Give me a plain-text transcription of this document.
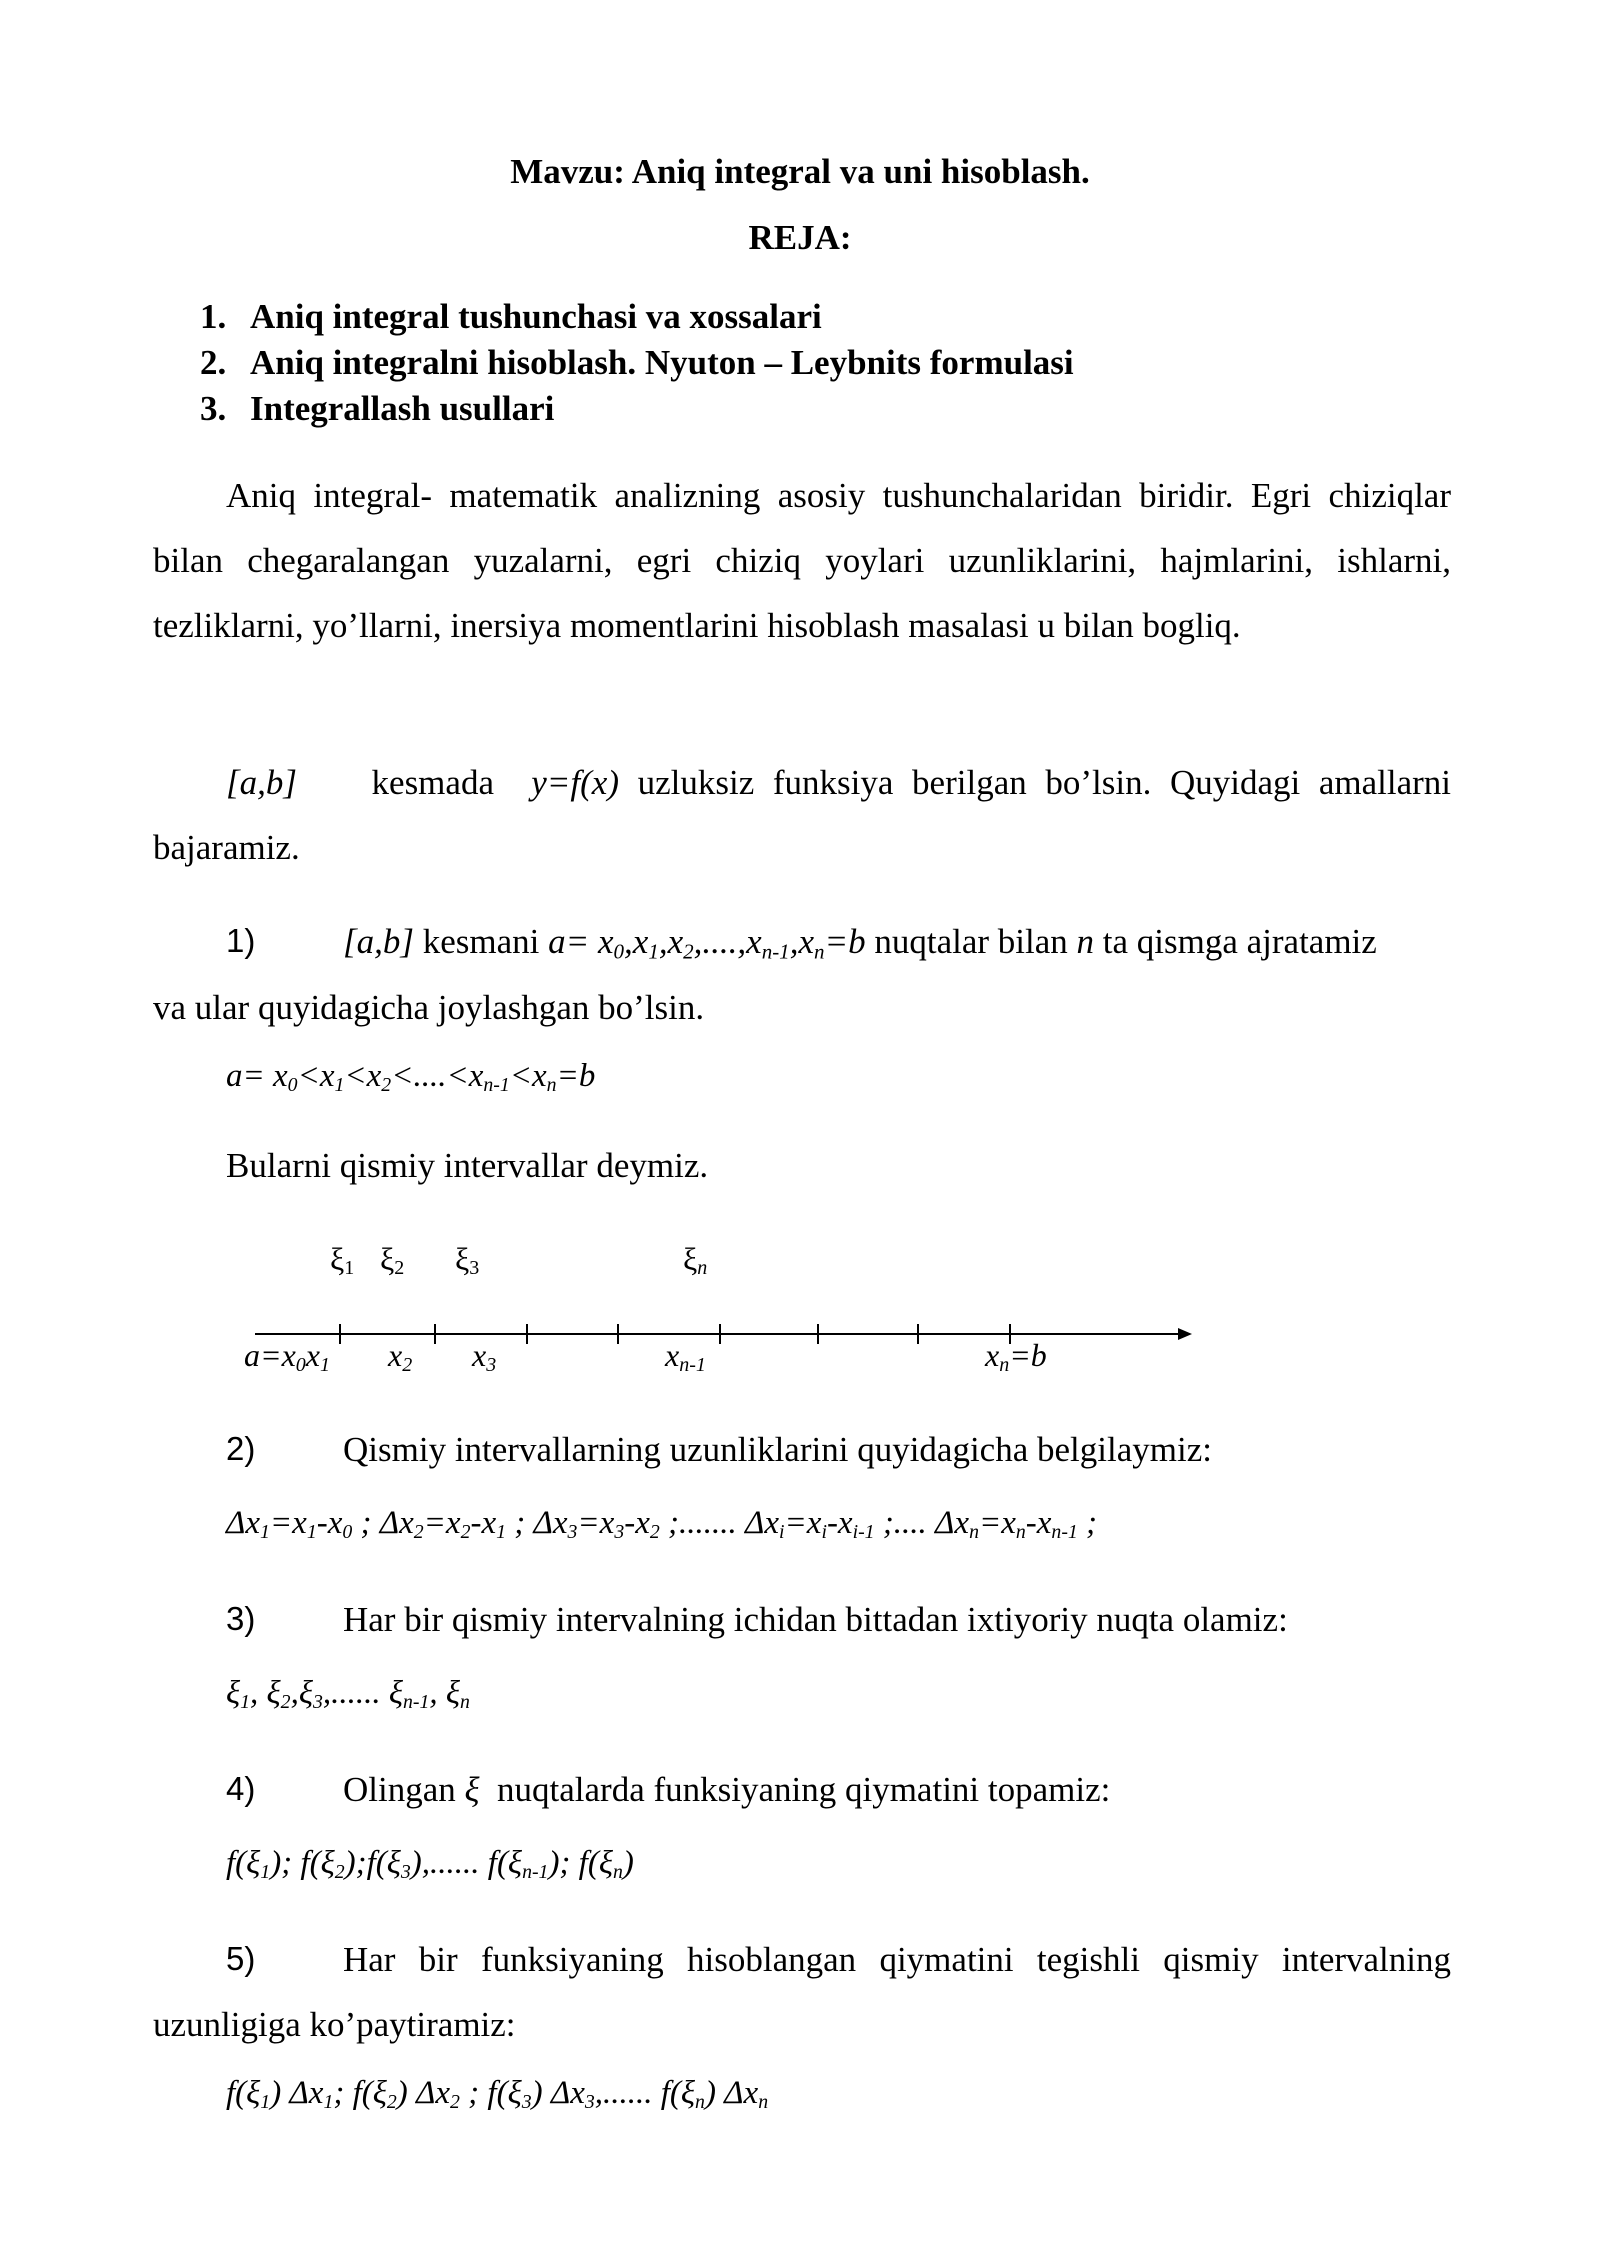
Mavzu: Aniq integral va uni hisoblash.
REJA:
1. Aniq integral tushunchasi va xossalari
2. Aniq integralni hisoblash. Nyuton – Leybnits formulasi
3. Integrallash usullari
Aniq integral- matematik analizning asosiy tushunchalaridan biridir. Egri chiziqlar bilan chegaralangan yuzalarni, egri chiziq yoylari uzunliklarini, hajmlarini, ishlarni, tezliklarni, yo’llarni, inersiya momentlarini hisoblash masalasi u bilan bogliq.
[a,b] kesmada y=f(x) uzluksiz funksiya berilgan bo’lsin. Quyidagi amallarni bajaramiz.
1)	[a,b] kesmani $a= x_0,x_1,x_2,....,x_{n-1},x_n=b$ nuqtalar bilan n ta qismga ajratamiz
va ular quyidagicha joylashgan bo’lsin.
$a= x_0<x_1<x_2<....<x_{n-1}<x_n=b$
Bularni qismiy intervallar deymiz.
ξ1 ξ2 ξ3	ξn
a=x0x1 x2 x3	xn-1	xn=b
2)	Qismiy intervallarning uzunliklarini quyidagicha belgilaymiz:
$\Delta x_1=x_1-x_0$ ; $\Delta x_2=x_2-x_1$ ; $\Delta x_3=x_3-x_2$ ;....... $\Delta x_i=x_i-x_{i-1}$ ;.... $\Delta x_n=x_n-x_{n-1}$ ;
3)	Har bir qismiy intervalning ichidan bittadan ixtiyoriy nuqta olamiz:
$\xi_1$, $\xi_2,\xi_3$,...... $\xi_{n-1}$, $\xi_n$
4)	Olingan ξ nuqtalarda funksiyaning qiymatini topamiz:
$f(\xi_1)$; $f(\xi_2);f(\xi_3)$,...... $f(\xi_{n-1})$; $f(\xi_n)$
5)	Har bir funksiyaning hisoblangan qiymatini tegishli qismiy intervalning
uzunligiga ko’paytiramiz:
$f(\xi_1)$ $\Delta x_1$; $f(\xi_2)$ $\Delta x_2$ ; $f(\xi_3)$ $\Delta x_3$,...... $f(\xi_n)$ $\Delta x_n$
